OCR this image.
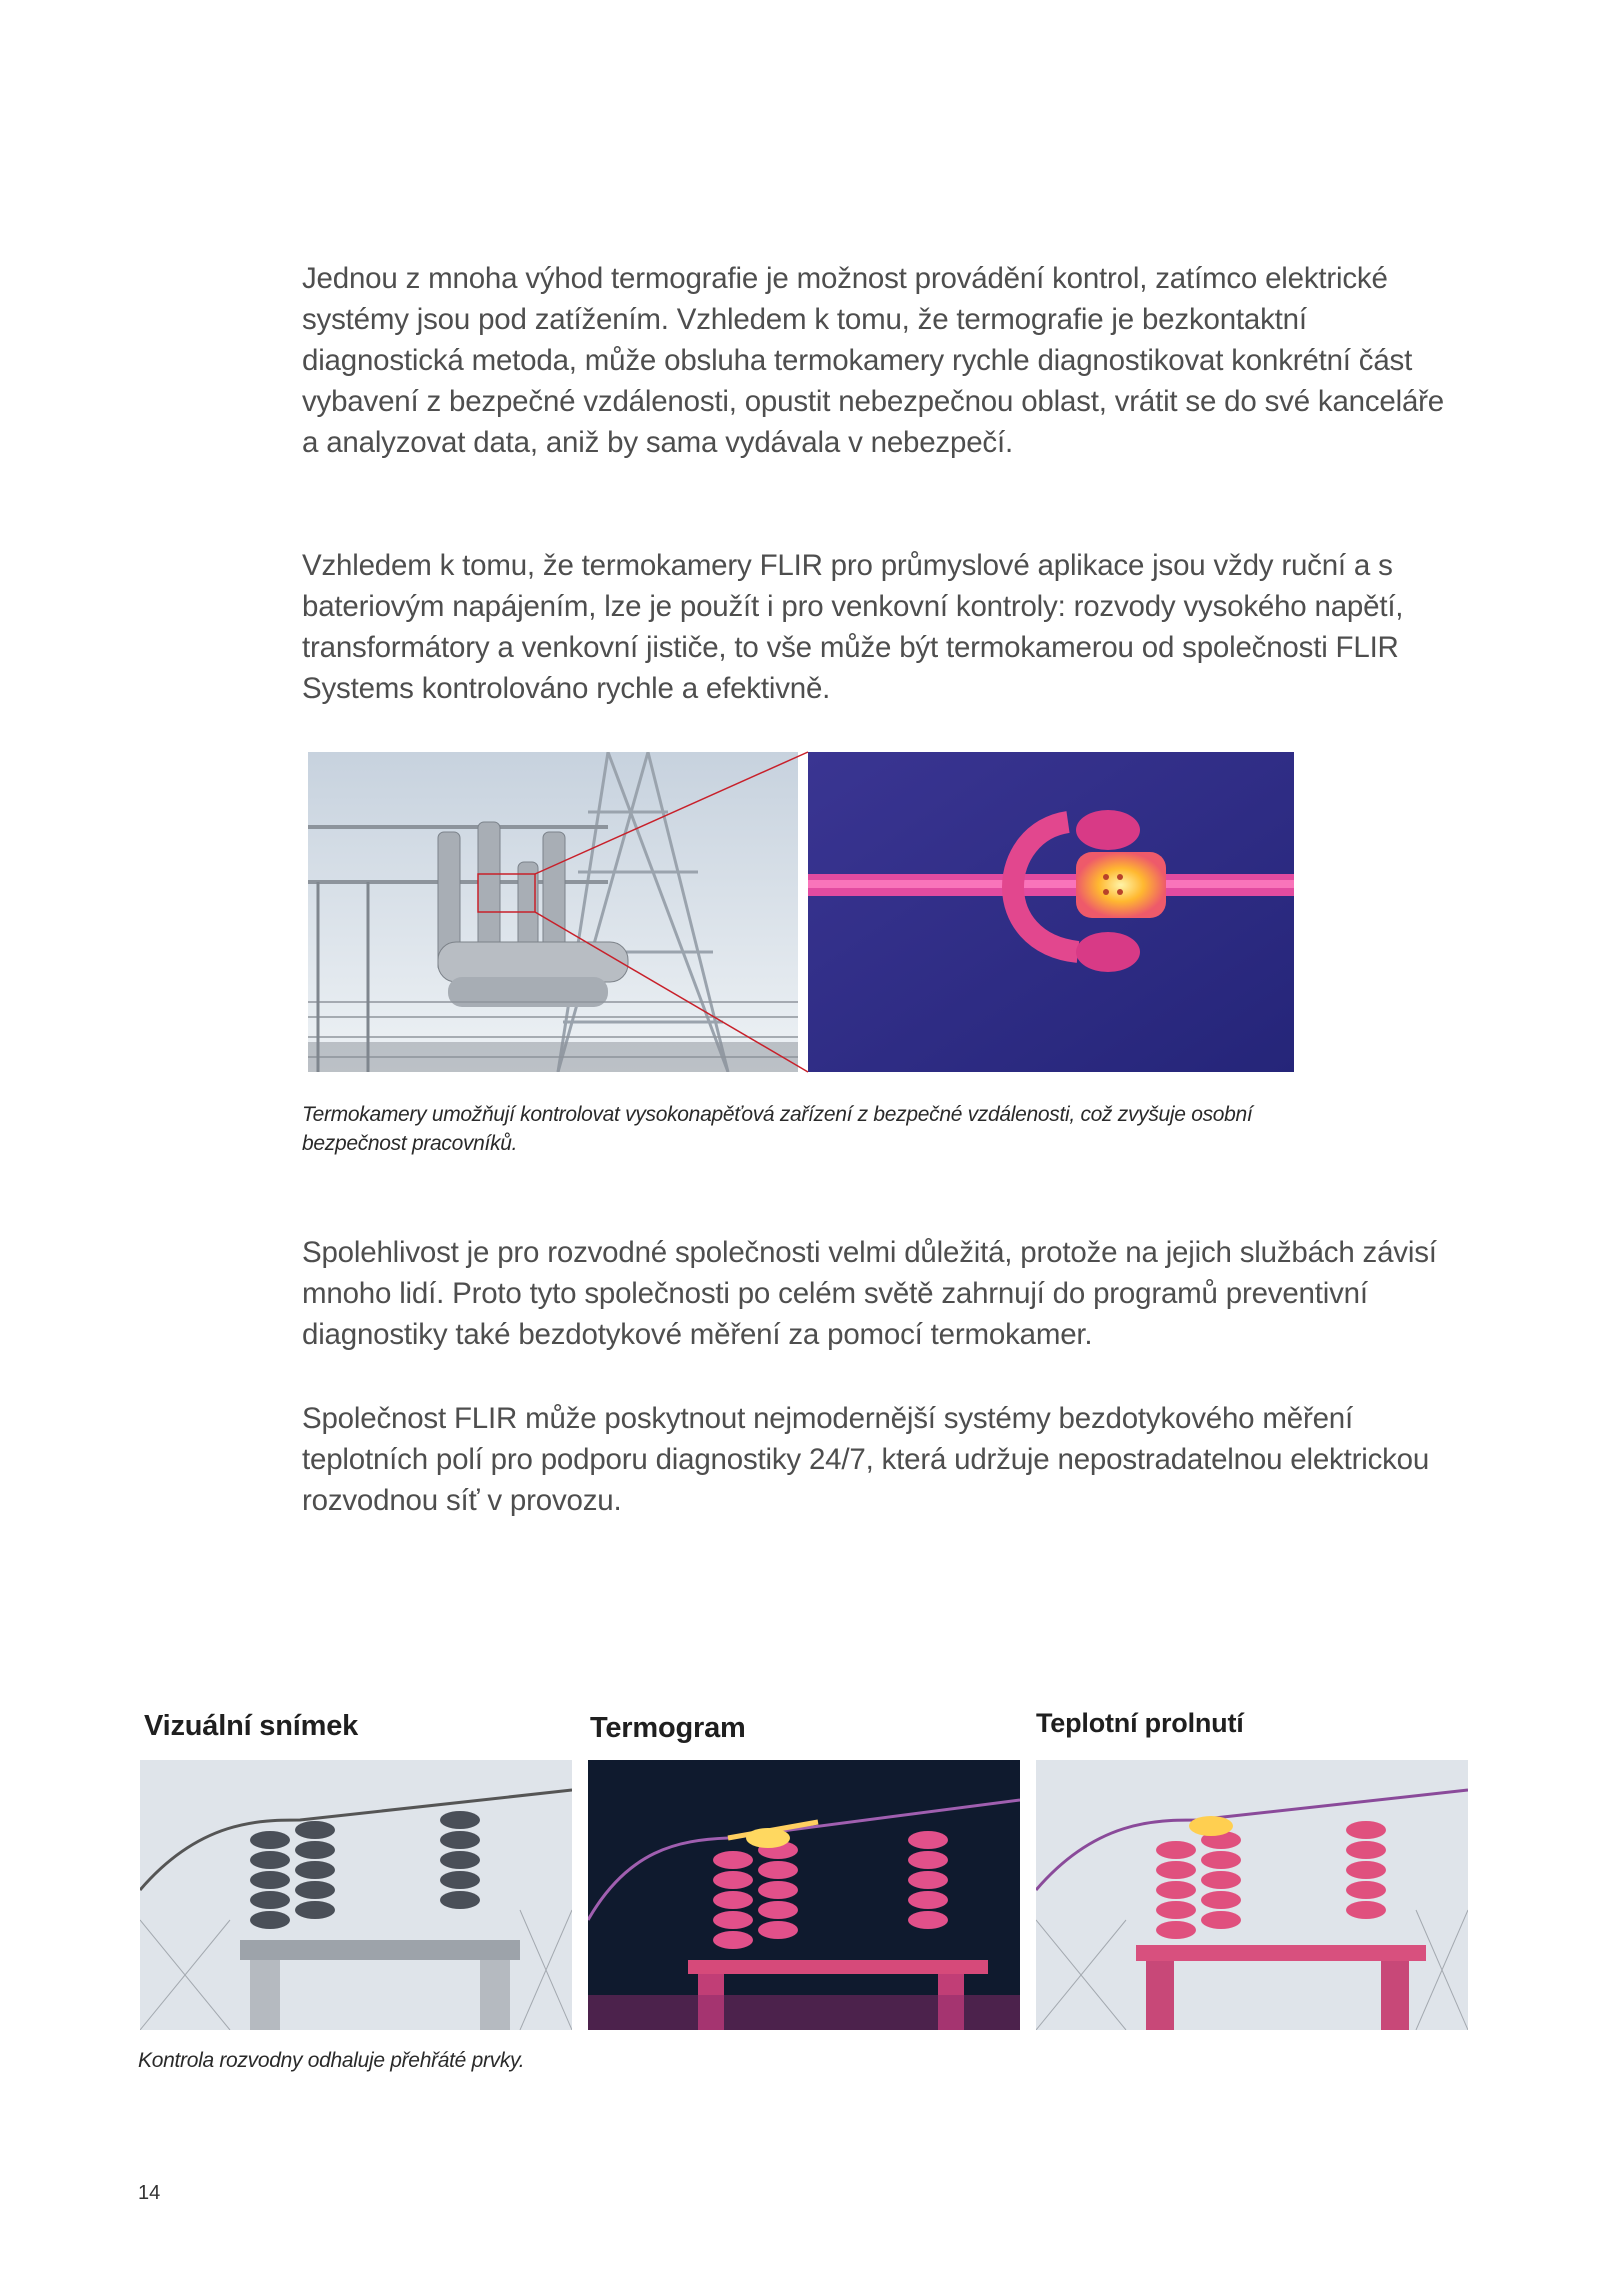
Jednou z mnoha výhod termografie je možnost provádění kontrol, zatímco elektrické systémy jsou pod zatížením. Vzhledem k tomu, že termografie je bezkontaktní diagnostická metoda, může obsluha termokamery rychle diagnostikovat konkrétní část vybavení z bezpečné vzdálenosti, opustit nebezpečnou oblast, vrátit se do své kanceláře a analyzovat data, aniž by sama vydávala v nebezpečí.

Vzhledem k tomu, že termokamery FLIR pro průmyslové aplikace jsou vždy ruční a s bateriovým napájením, lze je použít i pro venkovní kontroly: rozvody vysokého napětí, transformátory a venkovní jističe, to vše může být termokamerou od společnosti FLIR Systems kontrolováno rychle a efektivně.

Termokamery umožňují kontrolovat vysokonapěťová zařízení z bezpečné vzdálenosti, což zvyšuje osobní bezpečnost pracovníků.

Spolehlivost je pro rozvodné společnosti velmi důležitá, protože na jejich službách závisí mnoho lidí. Proto tyto společnosti po celém světě zahrnují do programů preventivní diagnostiky také bezdotykové měření za pomocí termokamer.

Společnost FLIR může poskytnout nejmodernější systémy bezdotykového měření teplotních polí pro podporu diagnostiky 24/7, která udržuje nepostradatelnou elektrickou rozvodnou síť v provozu.

Vizuální snímek	Termogram	Teplotní prolnutí

Kontrola rozvodny odhaluje přehřáté prvky.

14
